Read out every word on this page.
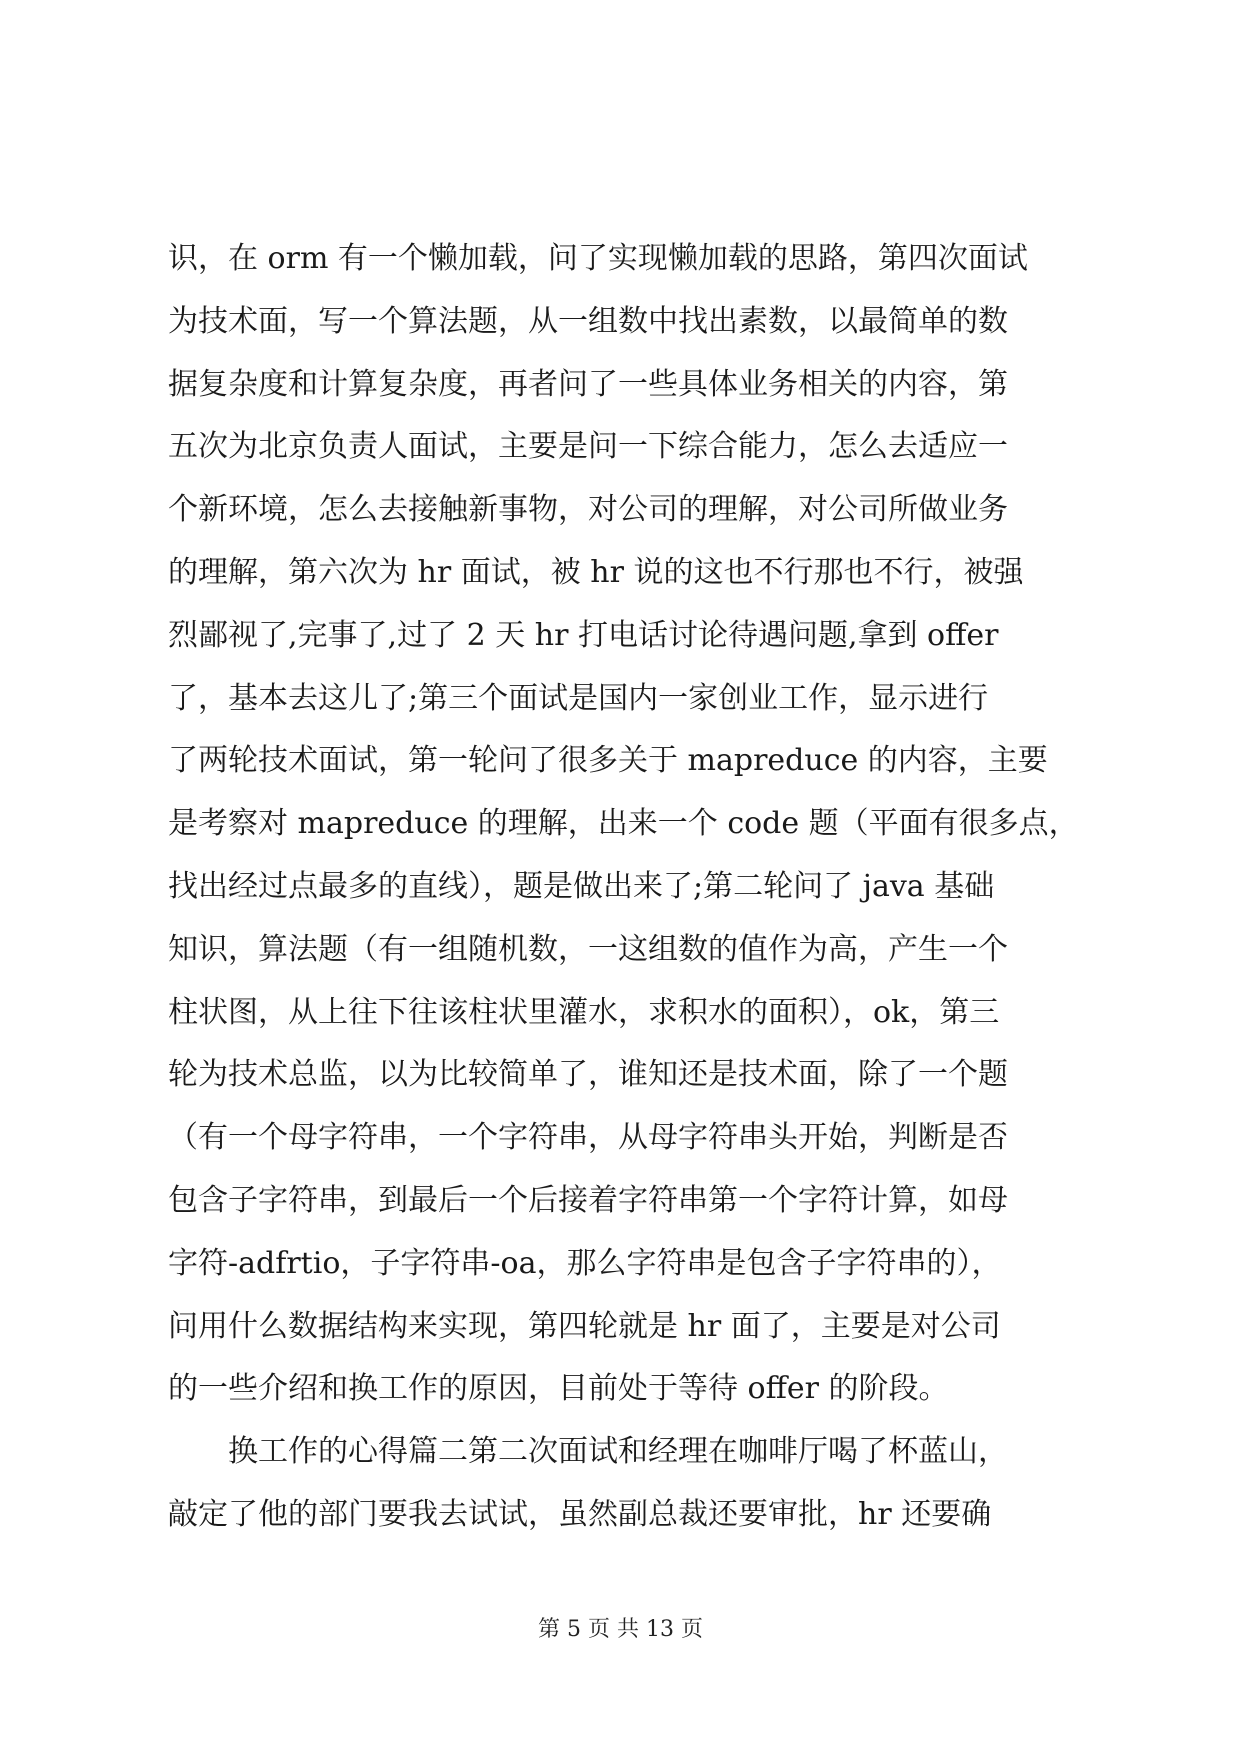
识，在 orm 有一个懒加载，问了实现懒加载的思路，第四次面试
为技术面，写一个算法题，从一组数中找出素数，以最简单的数
据复杂度和计算复杂度，再者问了一些具体业务相关的内容，第
五次为北京负责人面试，主要是问一下综合能力，怎么去适应一
个新环境，怎么去接触新事物，对公司的理解，对公司所做业务
的理解，第六次为 hr 面试，被 hr 说的这也不行那也不行，被强
烈鄙视了,完事了,过了 2 天 hr 打电话讨论待遇问题,拿到 offer
了，基本去这儿了;第三个面试是国内一家创业工作，显示进行
了两轮技术面试，第一轮问了很多关于 mapreduce 的内容，主要
是考察对 mapreduce 的理解，出来一个 code 题（平面有很多点，
找出经过点最多的直线），题是做出来了;第二轮问了 java 基础
知识，算法题（有一组随机数，一这组数的值作为高，产生一个
柱状图，从上往下往该柱状里灌水，求积水的面积），ok，第三
轮为技术总监，以为比较简单了，谁知还是技术面，除了一个题
（有一个母字符串，一个字符串，从母字符串头开始，判断是否
包含子字符串，到最后一个后接着字符串第一个字符计算，如母
字符-adfrtio，子字符串-oa，那么字符串是包含子字符串的），
问用什么数据结构来实现，第四轮就是 hr 面了，主要是对公司
的一些介绍和换工作的原因，目前处于等待 offer 的阶段。
　　换工作的心得篇二第二次面试和经理在咖啡厅喝了杯蓝山，
敲定了他的部门要我去试试，虽然副总裁还要审批，hr 还要确
第 5 页 共 13 页
